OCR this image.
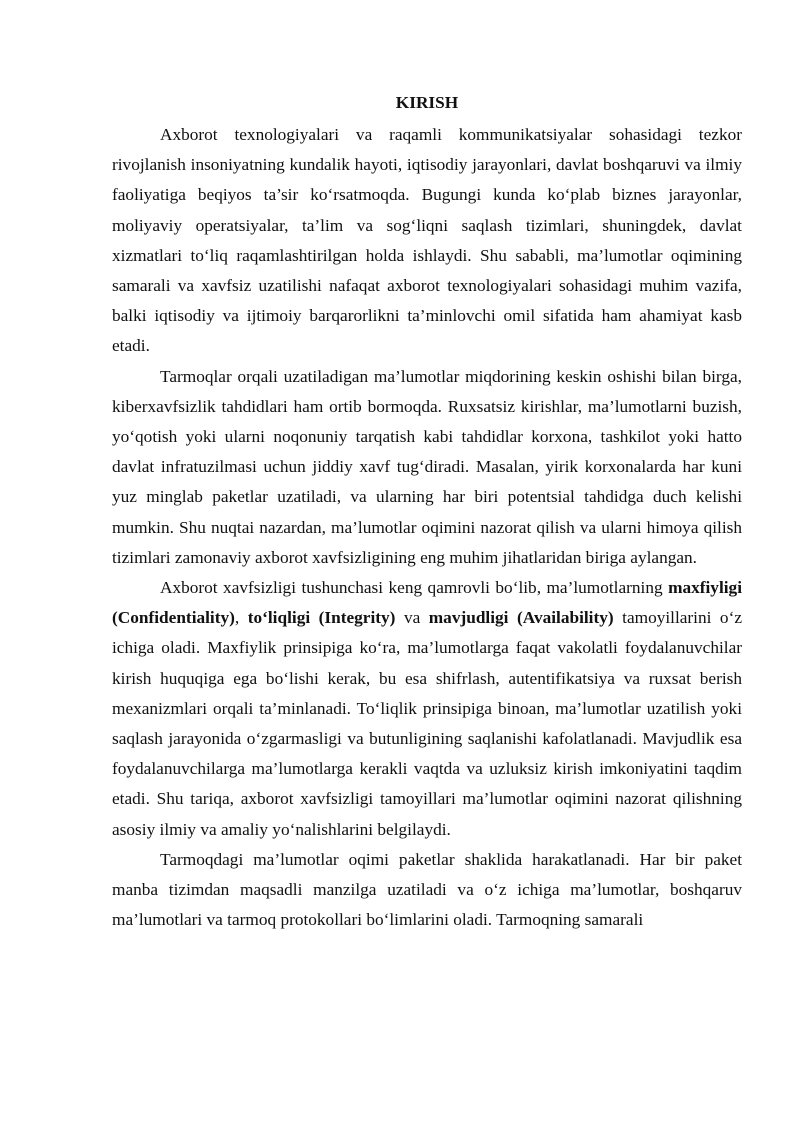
KIRISH

Axborot texnologiyalari va raqamli kommunikatsiyalar sohasidagi tezkor rivojlanish insoniyatning kundalik hayoti, iqtisodiy jarayonlari, davlat boshqaruvi va ilmiy faoliyatiga beqiyos ta’sir ko‘rsatmoqda. Bugungi kunda ko‘plab biznes jarayonlar, moliyaviy operatsiyalar, ta’lim va sog‘liqni saqlash tizimlari, shuningdek, davlat xizmatlari to‘liq raqamlashtirilgan holda ishlaydi. Shu sababli, ma’lumotlar oqimining samarali va xavfsiz uzatilishi nafaqat axborot texnologiyalari sohasidagi muhim vazifa, balki iqtisodiy va ijtimoiy barqarorlikni ta’minlovchi omil sifatida ham ahamiyat kasb etadi.

Tarmoqlar orqali uzatiladigan ma’lumotlar miqdorining keskin oshishi bilan birga, kiberxavfsizlik tahdidlari ham ortib bormoqda. Ruxsatsiz kirishlar, ma’lumotlarni buzish, yo‘qotish yoki ularni noqonuniy tarqatish kabi tahdidlar korxona, tashkilot yoki hatto davlat infratuzilmasi uchun jiddiy xavf tug‘diradi. Masalan, yirik korxonalarda har kuni yuz minglab paketlar uzatiladi, va ularning har biri potentsial tahdidga duch kelishi mumkin. Shu nuqtai nazardan, ma’lumotlar oqimini nazorat qilish va ularni himoya qilish tizimlari zamonaviy axborot xavfsizligining eng muhim jihatlaridan biriga aylangan.

Axborot xavfsizligi tushunchasi keng qamrovli bo‘lib, ma’lumotlarning maxfiyligi (Confidentiality), to‘liqligi (Integrity) va mavjudligi (Availability) tamoyillarini o‘z ichiga oladi. Maxfiylik prinsipiga ko‘ra, ma’lumotlarga faqat vakolatli foydalanuvchilar kirish huquqiga ega bo‘lishi kerak, bu esa shifrlash, autentifikatsiya va ruxsat berish mexanizmlari orqali ta’minlanadi. To‘liqlik prinsipiga binoan, ma’lumotlar uzatilish yoki saqlash jarayonida o‘zgarmasligi va butunligining saqlanishi kafolatlanadi. Mavjudlik esa foydalanuvchilarga ma’lumotlarga kerakli vaqtda va uzluksiz kirish imkoniyatini taqdim etadi. Shu tariqa, axborot xavfsizligi tamoyillari ma’lumotlar oqimini nazorat qilishning asosiy ilmiy va amaliy yo‘nalishlarini belgilaydi.

Tarmoqdagi ma’lumotlar oqimi paketlar shaklida harakatlanadi. Har bir paket manba tizimdan maqsadli manzilga uzatiladi va o‘z ichiga ma’lumotlar, boshqaruv ma’lumotlari va tarmoq protokollari bo‘limlarini oladi. Tarmoqning samarali
